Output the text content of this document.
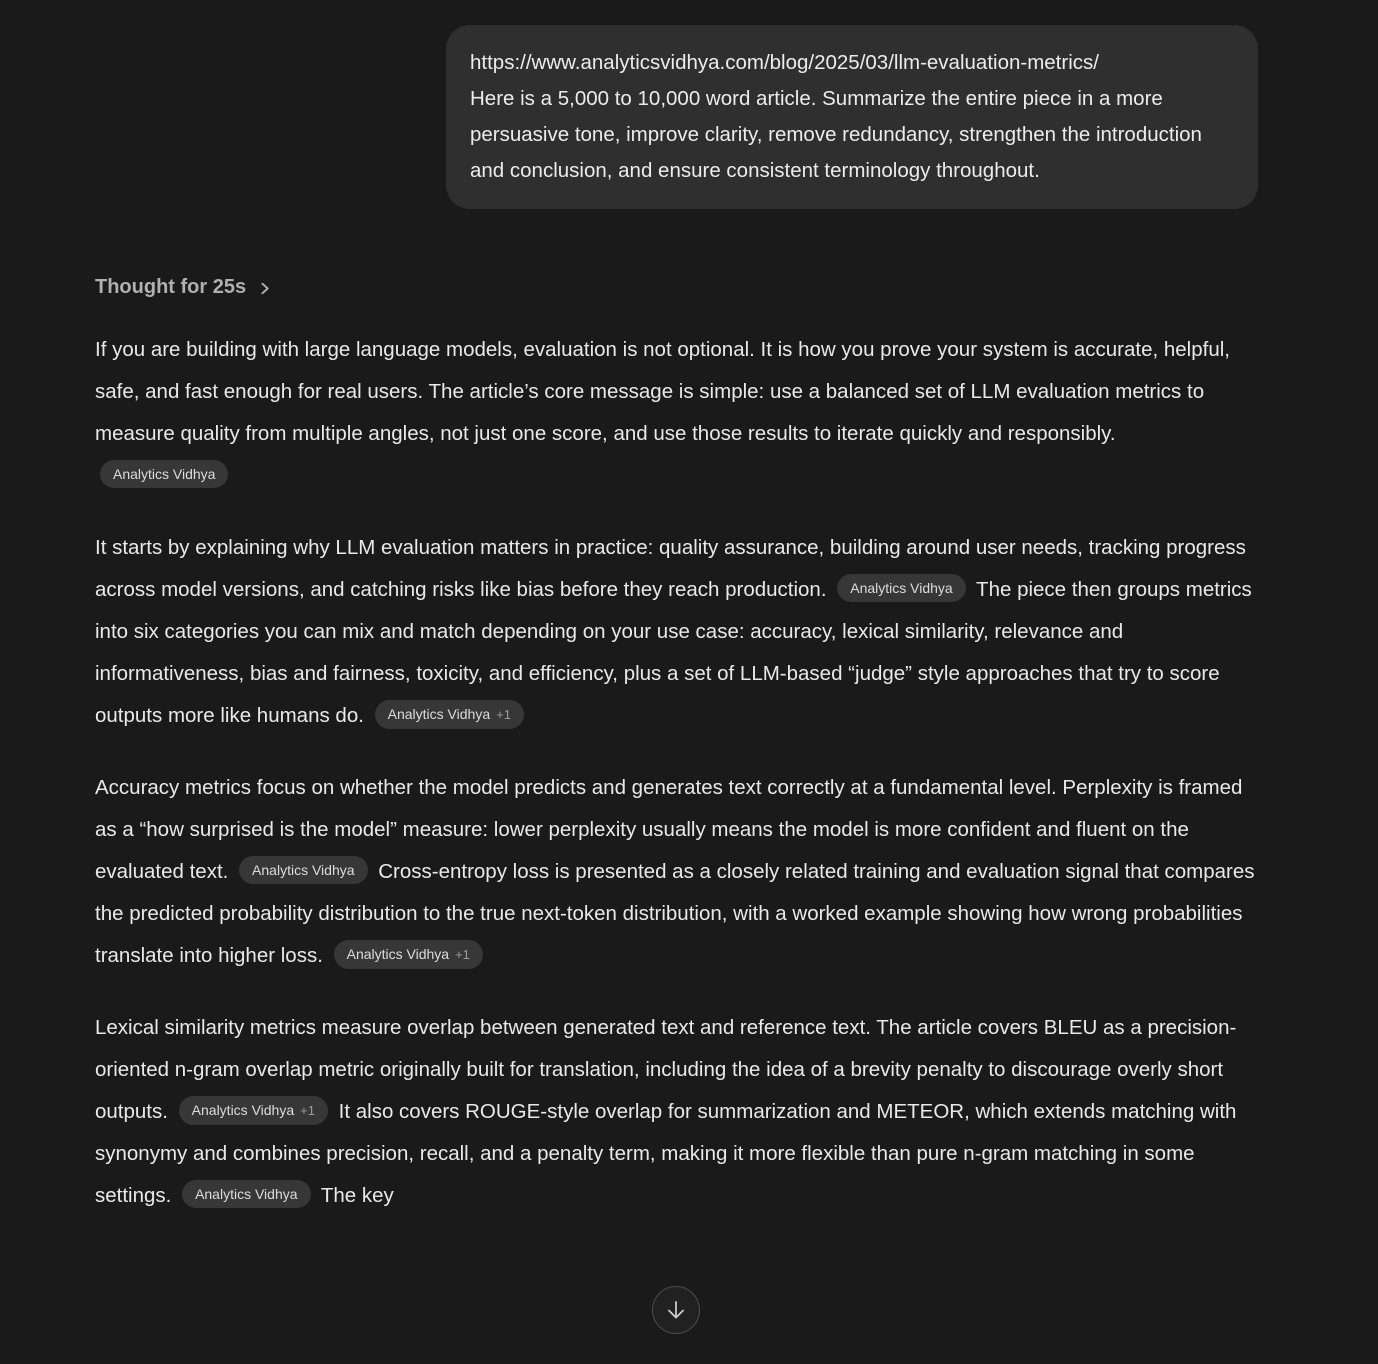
https://www.analyticsvidhya.com/blog/2025/03/llm-evaluation-metrics/
Here is a 5,000 to 10,000 word article. Summarize the entire piece in a more persuasive tone, improve clarity, remove redundancy, strengthen the introduction and conclusion, and ensure consistent terminology throughout.
Thought for 25s

If you are building with large language models, evaluation is not optional. It is how you prove your system is accurate, helpful, safe, and fast enough for real users. The article’s core message is simple: use a balanced set of LLM evaluation metrics to measure quality from multiple angles, not just one score, and use those results to iterate quickly and responsibly.
Analytics Vidhya

It starts by explaining why LLM evaluation matters in practice: quality assurance, building around user needs, tracking progress across model versions, and catching risks like bias before they reach production. Analytics Vidhya The piece then groups metrics into six categories you can mix and match depending on your use case: accuracy, lexical similarity, relevance and informativeness, bias and fairness, toxicity, and efficiency, plus a set of LLM-based “judge” style approaches that try to score outputs more like humans do. Analytics Vidhya +1

Accuracy metrics focus on whether the model predicts and generates text correctly at a fundamental level. Perplexity is framed as a “how surprised is the model” measure: lower perplexity usually means the model is more confident and fluent on the evaluated text. Analytics Vidhya Cross-entropy loss is presented as a closely related training and evaluation signal that compares the predicted probability distribution to the true next-token distribution, with a worked example showing how wrong probabilities translate into higher loss. Analytics Vidhya +1

Lexical similarity metrics measure overlap between generated text and reference text. The article covers BLEU as a precision-oriented n-gram overlap metric originally built for translation, including the idea of a brevity penalty to discourage overly short outputs. Analytics Vidhya +1 It also covers ROUGE-style overlap for summarization and METEOR, which extends matching with synonymy and combines precision, recall, and a penalty term, making it more flexible than pure n-gram matching in some settings. Analytics Vidhya The key
